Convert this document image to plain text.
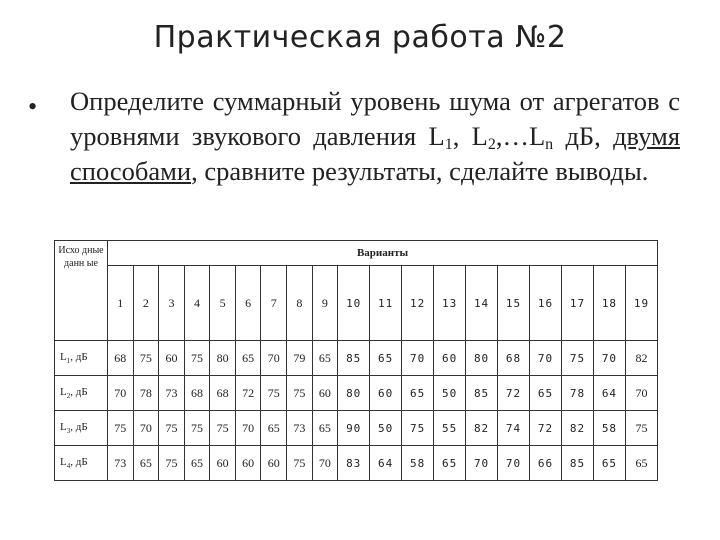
Практическая работа №2
• Определите суммарный уровень шума от агрегатов с уровнями звукового давления $L_1$, $L_2,\dots L_n$ дБ, двумя способами, сравните результаты, сделайте выводы.
Исхо дные данн ые	Варианты																		
	1	2	3	4	5	6	7	8	9	10	11	12	13	14	15	16	17	18	19
$L_1$, дБ	68	75	60	75	80	65	70	79	65	85	65	70	60	80	68	70	75	70	82
$L_2$, дБ	70	78	73	68	68	72	75	75	60	80	60	65	50	85	72	65	78	64	70
$L_3$, дБ	75	70	75	75	75	70	65	73	65	90	50	75	55	82	74	72	82	58	75
$L_4$, дБ	73	65	75	65	60	60	60	75	70	83	64	58	65	70	70	66	85	65	65
